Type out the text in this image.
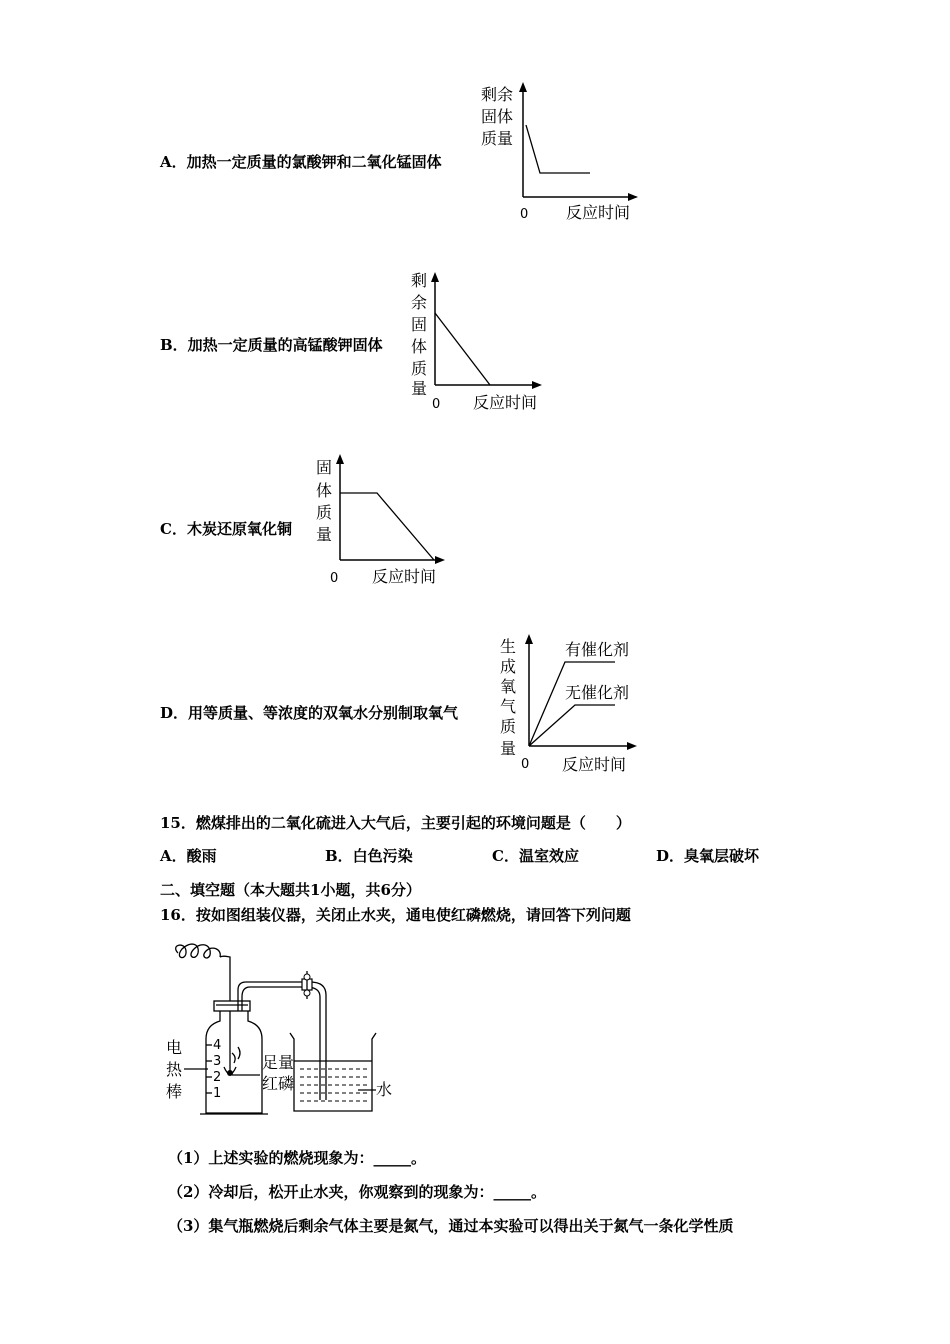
A．加热一定质量的氯酸钾和二氧化锰固体
剩余
固体
质量
0 反应时间
B．加热一定质量的高锰酸钾固体
剩
余
固
体
质
量
0 反应时间
C．木炭还原氧化铜
固
体
质
量
0 反应时间
D．用等质量、等浓度的双氧水分别制取氧气
有催化剂
无催化剂
生
成
氧
气
质
量
0 反应时间
15．燃煤排出的二氧化硫进入大气后，主要引起的环境问题是（　　）
A．酸雨	B．白色污染	C．温室效应	D．臭氧层破坏
二、填空题（本大题共1小题，共6分）
16．按如图组装仪器，关闭止水夹，通电使红磷燃烧，请回答下列问题
4
3
2
1
电
热
棒
足量
红磷	水
（1）上述实验的燃烧现象为：_____。
（2）冷却后，松开止水夹，你观察到的现象为：_____。
（3）集气瓶燃烧后剩余气体主要是氮气，通过本实验可以得出关于氮气一条化学性质
